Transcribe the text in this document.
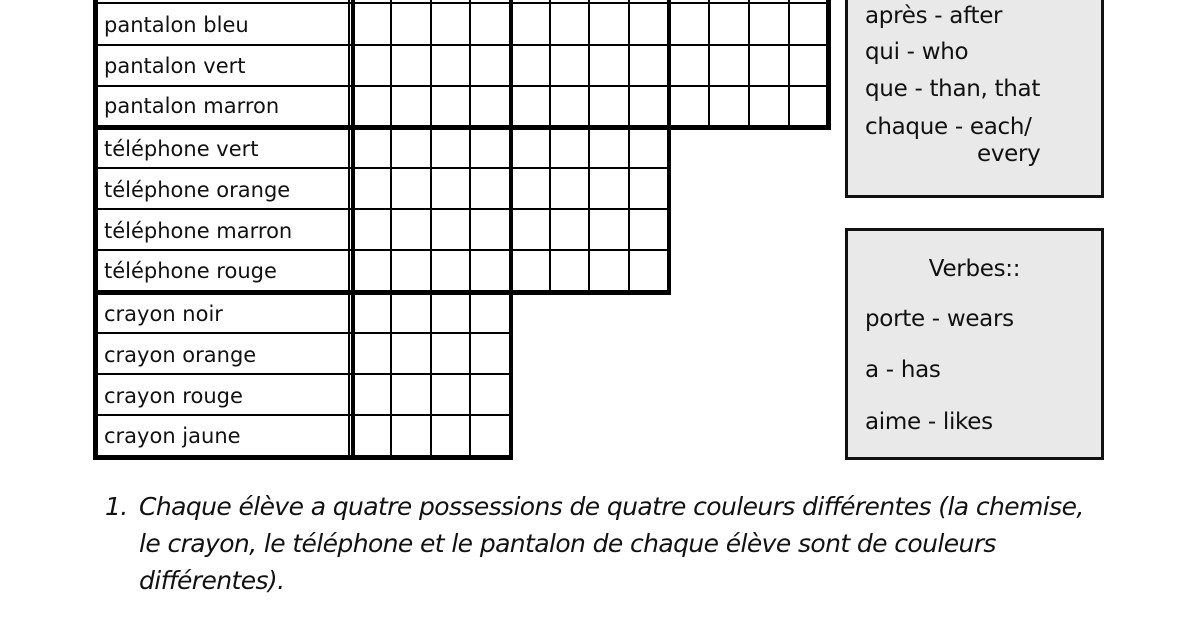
pantalon bleu
pantalon vert
pantalon marron
téléphone vert
téléphone orange
téléphone marron
téléphone rouge
crayon noir
crayon orange
crayon rouge
crayon jaune
après - after
qui - who
que - than, that
chaque - each/
every
Verbes::
porte - wears
a - has
aime - likes
1. Chaque élève a quatre possessions de quatre couleurs différentes (la chemise,
le crayon, le téléphone et le pantalon de chaque élève sont de couleurs
différentes).
